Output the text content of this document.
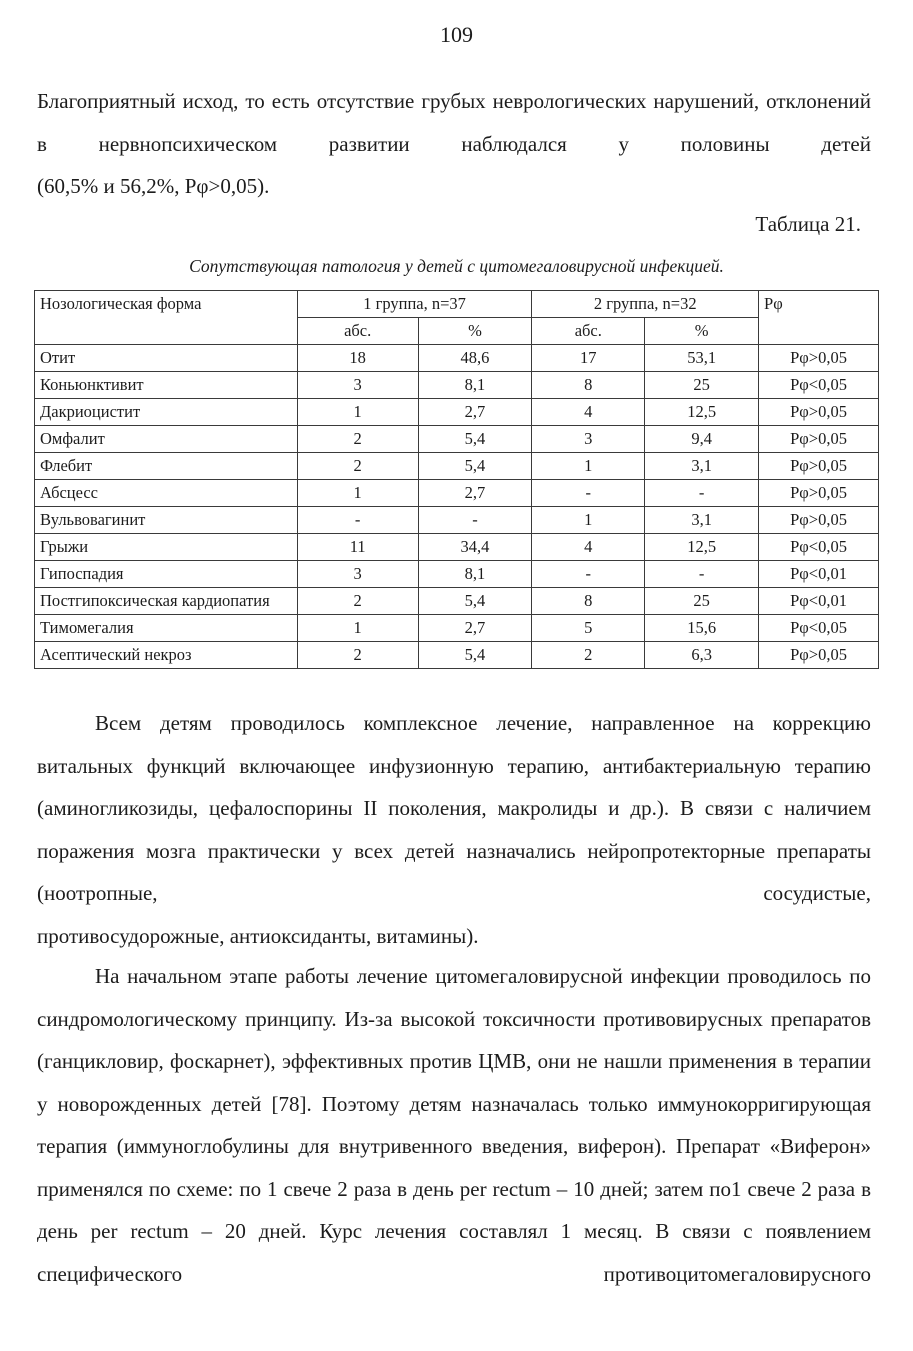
109

Благоприятный исход, то есть отсутствие грубых неврологических нарушений, отклонений в нервнопсихическом развитии наблюдался у половины детей
(60,5% и 56,2%, Рφ>0,05).

Таблица 21.
Сопутствующая патология у детей с цитомегаловирусной инфекцией.
Нозологическая форма	1 группа, n=37		2 группа, n=32		Рφ
	абс.	%	абс.	%	
Отит	18	48,6	17	53,1	Рφ>0,05
Коньюнктивит	3	8,1	8	25	Рφ<0,05
Дакриоцистит	1	2,7	4	12,5	Рφ>0,05
Омфалит	2	5,4	3	9,4	Рφ>0,05
Флебит	2	5,4	1	3,1	Рφ>0,05
Абсцесс	1	2,7	-	-	Рφ>0,05
Вульвовагинит	-	-	1	3,1	Рφ>0,05
Грыжи	11	34,4	4	12,5	Рφ<0,05
Гипоспадия	3	8,1	-	-	Рφ<0,01
Постгипоксическая кардиопатия	2	5,4	8	25	Рφ<0,01
Тимомегалия	1	2,7	5	15,6	Рφ<0,05
Асептический некроз	2	5,4	2	6,3	Рφ>0,05

Всем детям проводилось комплексное лечение, направленное на коррекцию витальных функций включающее инфузионную терапию, антибактериальную терапию (аминогликозиды, цефалоспорины II поколения, макролиды и др.). В связи с наличием поражения мозга практически у всех детей назначались нейропротекторные препараты (ноотропные, сосудистые,
противосудорожные, антиоксиданты, витамины).

На начальном этапе работы лечение цитомегаловирусной инфекции проводилось по синдромологическому принципу. Из-за высокой токсичности противовирусных препаратов (ганцикловир, фоскарнет), эффективных против ЦМВ, они не нашли применения в терапии у новорожденных детей [78]. Поэтому детям назначалась только иммунокорригирующая терапия (иммуноглобулины для внутривенного введения, виферон). Препарат «Виферон» применялся по схеме: по 1 свече 2 раза в день per rectum – 10 дней; затем по1 свече 2 раза в день per rectum – 20 дней. Курс лечения составлял 1 месяц. В связи с появлением специфического противоцитомегаловирусного
